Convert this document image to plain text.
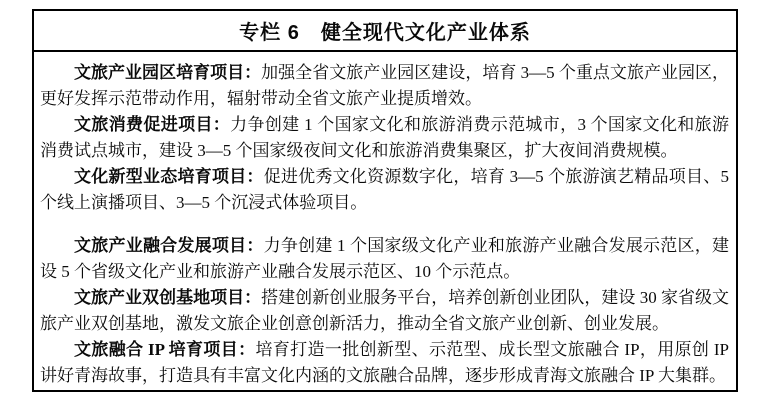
专栏 6　健全现代文化产业体系

文旅产业园区培育项目：加强全省文旅产业园区建设，培育 3—5 个重点文旅产业园区，更好发挥示范带动作用，辐射带动全省文旅产业提质增效。

文旅消费促进项目：力争创建 1 个国家文化和旅游消费示范城市，3 个国家文化和旅游消费试点城市，建设 3—5 个国家级夜间文化和旅游消费集聚区，扩大夜间消费规模。

文化新型业态培育项目：促进优秀文化资源数字化，培育 3—5 个旅游演艺精品项目、5 个线上演播项目、3—5 个沉浸式体验项目。

文旅产业融合发展项目：力争创建 1 个国家级文化产业和旅游产业融合发展示范区，建设 5 个省级文化产业和旅游产业融合发展示范区、10 个示范点。

文旅产业双创基地项目：搭建创新创业服务平台，培养创新创业团队，建设 30 家省级文旅产业双创基地，激发文旅企业创意创新活力，推动全省文旅产业创新、创业发展。

文旅融合 IP 培育项目：培育打造一批创新型、示范型、成长型文旅融合 IP，用原创 IP 讲好青海故事，打造具有丰富文化内涵的文旅融合品牌，逐步形成青海文旅融合 IP 大集群。
